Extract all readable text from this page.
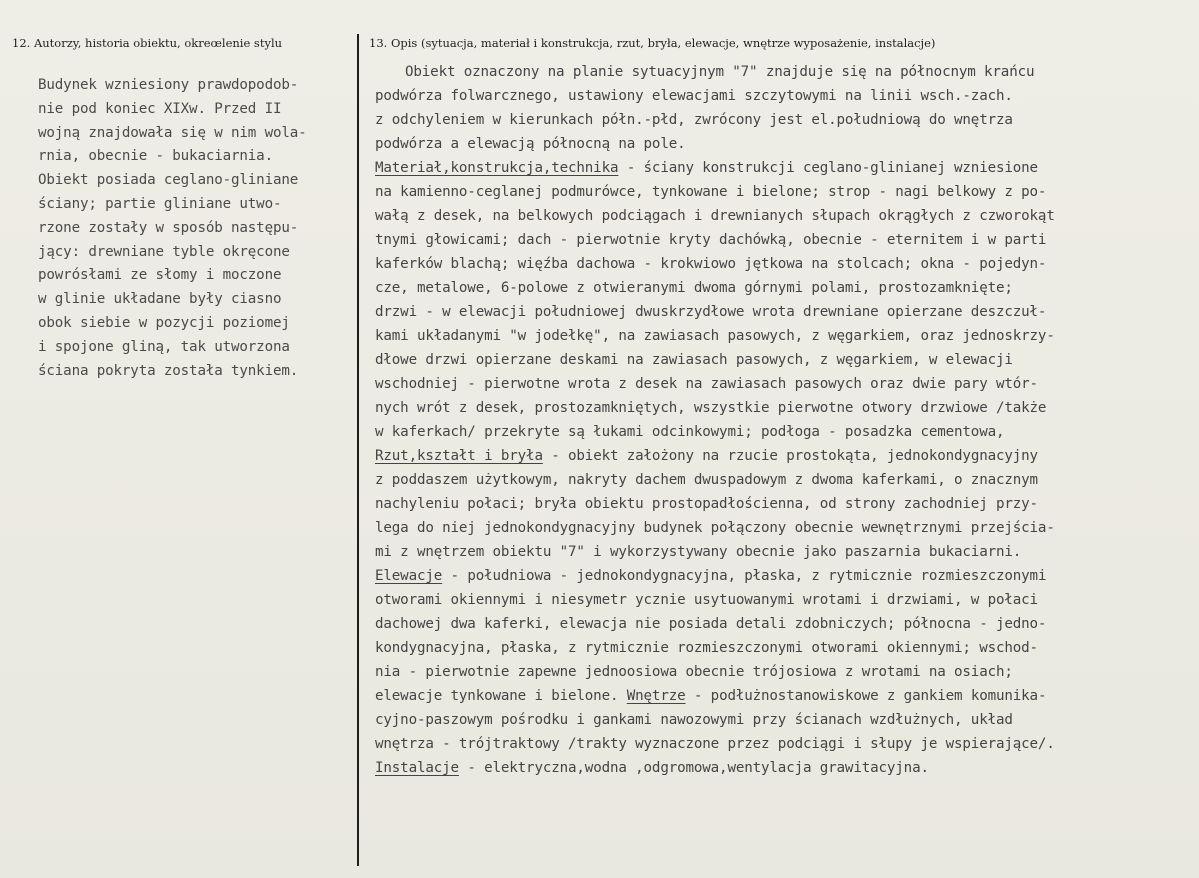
12. Autorzy, historia obiektu, okreœlenie stylu	13. Opis (sytuacja, materiał i konstrukcja, rzut, bryła, elewacje, wnętrze wyposażenie, instalacje)
Budynek wzniesiony prawdopodob-
nie pod koniec XIXw. Przed II
wojną znajdowała się w nim wola-
rnia, obecnie - bukaciarnia.
Obiekt posiada ceglano-gliniane
ściany; partie gliniane utwo-
rzone zostały w sposób następu-
jący: drewniane tyble okręcone
powrósłami ze słomy i moczone
w glinie układane były ciasno
obok siebie w pozycji poziomej
i spojone gliną, tak utworzona
ściana pokryta została tynkiem.
Obiekt oznaczony na planie sytuacyjnym "7" znajduje się na północnym krańcu
podwórza folwarcznego, ustawiony elewacjami szczytowymi na linii wsch.-zach.
z odchyleniem w kierunkach półn.-płd, zwrócony jest el.południową do wnętrza
podwórza a elewacją północną na pole.
Materiał,konstrukcja,technika - ściany konstrukcji ceglano-glinianej wzniesione
na kamienno-ceglanej podmurówce, tynkowane i bielone; strop - nagi belkowy z po-
wałą z desek, na belkowych podciągach i drewnianych słupach okrągłych z czworokąt
tnymi głowicami; dach - pierwotnie kryty dachówką, obecnie - eternitem i w parti
kaferków blachą; więźba dachowa - krokwiowo jętkowa na stolcach; okna - pojedyn-
cze, metalowe, 6-polowe z otwieranymi dwoma górnymi polami, prostozamknięte;
drzwi - w elewacji południowej dwuskrzydłowe wrota drewniane opierzane deszczuł-
kami układanymi "w jodełkę", na zawiasach pasowych, z węgarkiem, oraz jednoskrzy-
dłowe drzwi opierzane deskami na zawiasach pasowych, z węgarkiem, w elewacji
wschodniej - pierwotne wrota z desek na zawiasach pasowych oraz dwie pary wtór-
nych wrót z desek, prostozamkniętych, wszystkie pierwotne otwory drzwiowe /także
w kaferkach/ przekryte są łukami odcinkowymi; podłoga - posadzka cementowa,
Rzut,kształt i bryła - obiekt założony na rzucie prostokąta, jednokondygnacyjny
z poddaszem użytkowym, nakryty dachem dwuspadowym z dwoma kaferkami, o znacznym
nachyleniu połaci; bryła obiektu prostopadłościenna, od strony zachodniej przy-
lega do niej jednokondygnacyjny budynek połączony obecnie wewnętrznymi przejścia-
mi z wnętrzem obiektu "7" i wykorzystywany obecnie jako paszarnia bukaciarni.
Elewacje - południowa - jednokondygnacyjna, płaska, z rytmicznie rozmieszczonymi
otworami okiennymi i niesymetr ycznie usytuowanymi wrotami i drzwiami, w połaci
dachowej dwa kaferki, elewacja nie posiada detali zdobniczych; północna - jedno-
kondygnacyjna, płaska, z rytmicznie rozmieszczonymi otworami okiennymi; wschod-
nia - pierwotnie zapewne jednoosiowa obecnie trójosiowa z wrotami na osiach;
elewacje tynkowane i bielone. Wnętrze - podłużnostanowiskowe z gankiem komunika-
cyjno-paszowym pośrodku i gankami nawozowymi przy ścianach wzdłużnych, układ
wnętrza - trójtraktowy /trakty wyznaczone przez podciągi i słupy je wspierające/.
Instalacje - elektryczna,wodna ,odgromowa,wentylacja grawitacyjna.
